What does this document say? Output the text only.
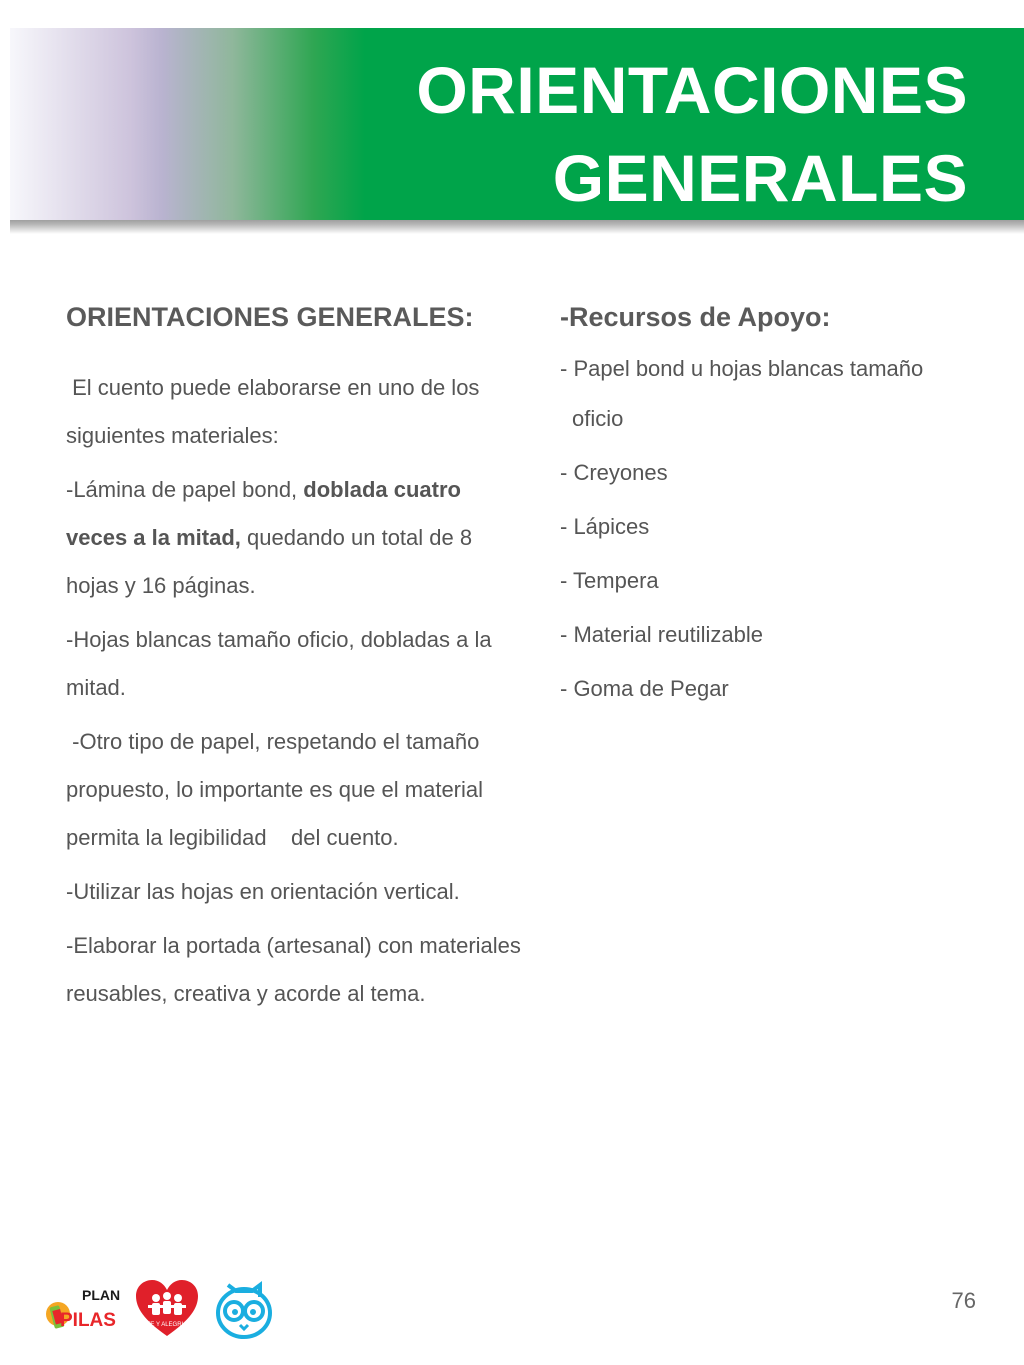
ORIENTACIONES
GENERALES
ORIENTACIONES GENERALES:

El cuento puede elaborarse en uno de los siguientes materiales:

-Lámina de papel bond, doblada cuatro veces a la mitad, quedando un total de 8 hojas y 16 páginas.

-Hojas blancas tamaño oficio, dobladas a la mitad.

-Otro tipo de papel, respetando el tamaño propuesto, lo importante es que el material permita la legibilidad    del cuento.

-Utilizar las hojas en orientación vertical.

-Elaborar la portada (artesanal) con materiales reusables, creativa y acorde al tema.

-Recursos de Apoyo:

- Papel bond u hojas blancas tamaño

oficio

- Creyones

- Lápices

- Tempera

- Material reutilizable

- Goma de Pegar

PLAN
PILAS	FE Y ALEGRIA
76
